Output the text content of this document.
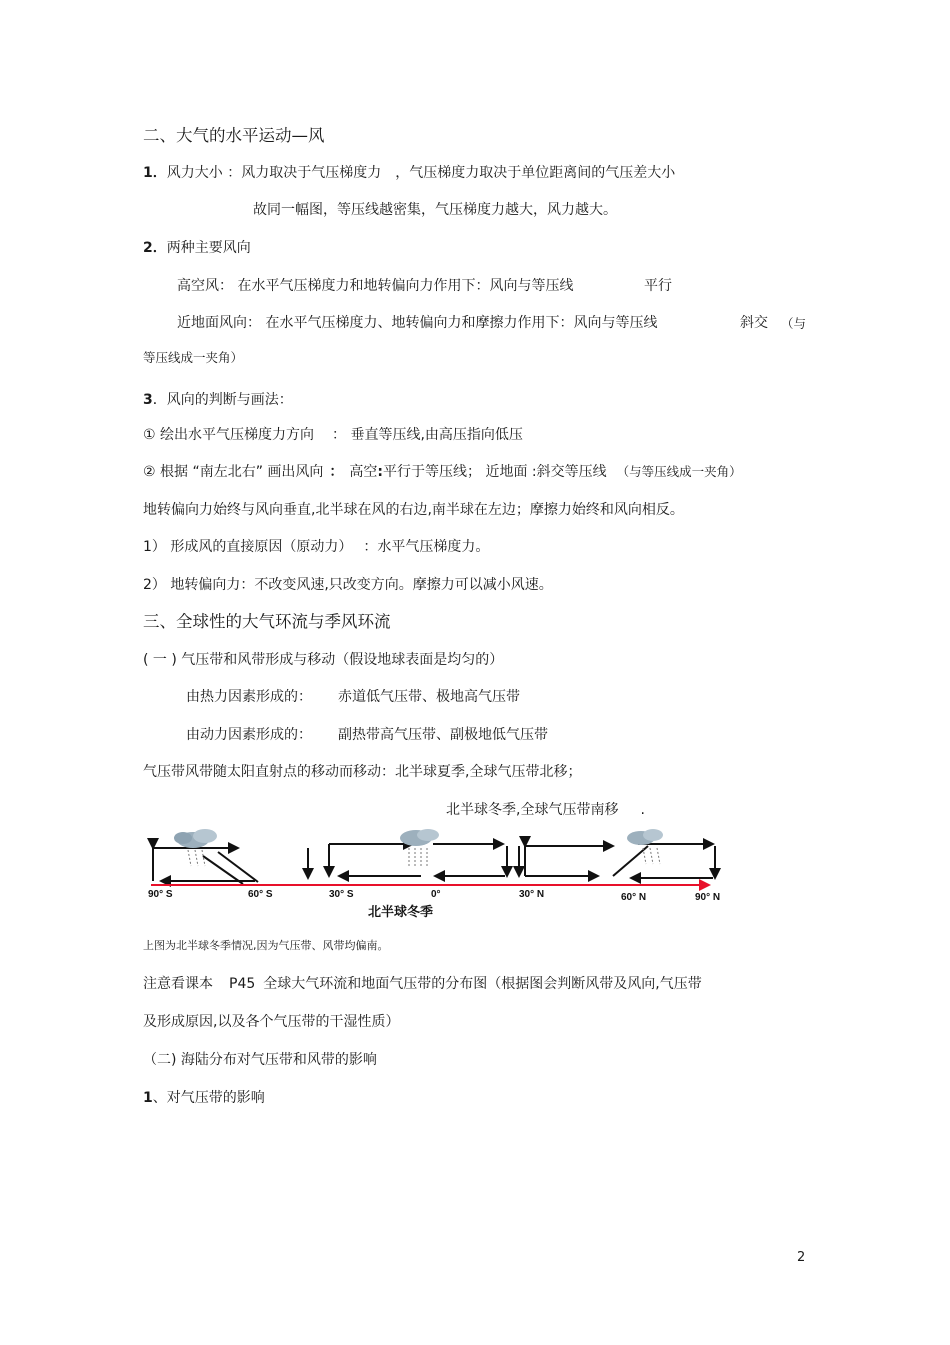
二、大气的水平运动—风
1．风力大小 ：风力取决于气压梯度力 ，气压梯度力取决于单位距离间的气压差大小
故同一幅图，等压线越密集，气压梯度力越大，风力越大。
2．两种主要风向
高空风： 在水平气压梯度力和地转偏向力作用下：风向与等压线	平行
近地面风向： 在水平气压梯度力、地转偏向力和摩擦力作用下：风向与等压线	斜交 （与
等压线成一夹角）
3．风向的判断与画法：
① 绘出水平气压梯度力方向 ： 垂直等压线,由高压指向低压
② 根据 “南左北右” 画出风向 ： 高空:平行于等压线； 近地面 :斜交等压线 （与等压线成一夹角）
地转偏向力始终与风向垂直,北半球在风的右边,南半球在左边；摩擦力始终和风向相反。
1） 形成风的直接原因（原动力） ：水平气压梯度力。
2） 地转偏向力：不改变风速,只改变方向。摩擦力可以减小风速。
三、全球性的大气环流与季风环流
( 一 ) 气压带和风带形成与移动（假设地球表面是均匀的）
由热力因素形成的： 赤道低气压带、极地高气压带
由动力因素形成的： 副热带高气压带、副极地低气压带
气压带风带随太阳直射点的移动而移动：北半球夏季,全球气压带北移；
北半球冬季,全球气压带南移 .
90° S	60° S	30° S	0°	30° N	60° N	90° N
北半球冬季
上图为北半球冬季情况,因为气压带、风带均偏南。
注意看课本 P45 全球大气环流和地面气压带的分布图（根据图会判断风带及风向,气压带
及形成原因,以及各个气压带的干湿性质）
（二) 海陆分布对气压带和风带的影响
1、对气压带的影响
2
